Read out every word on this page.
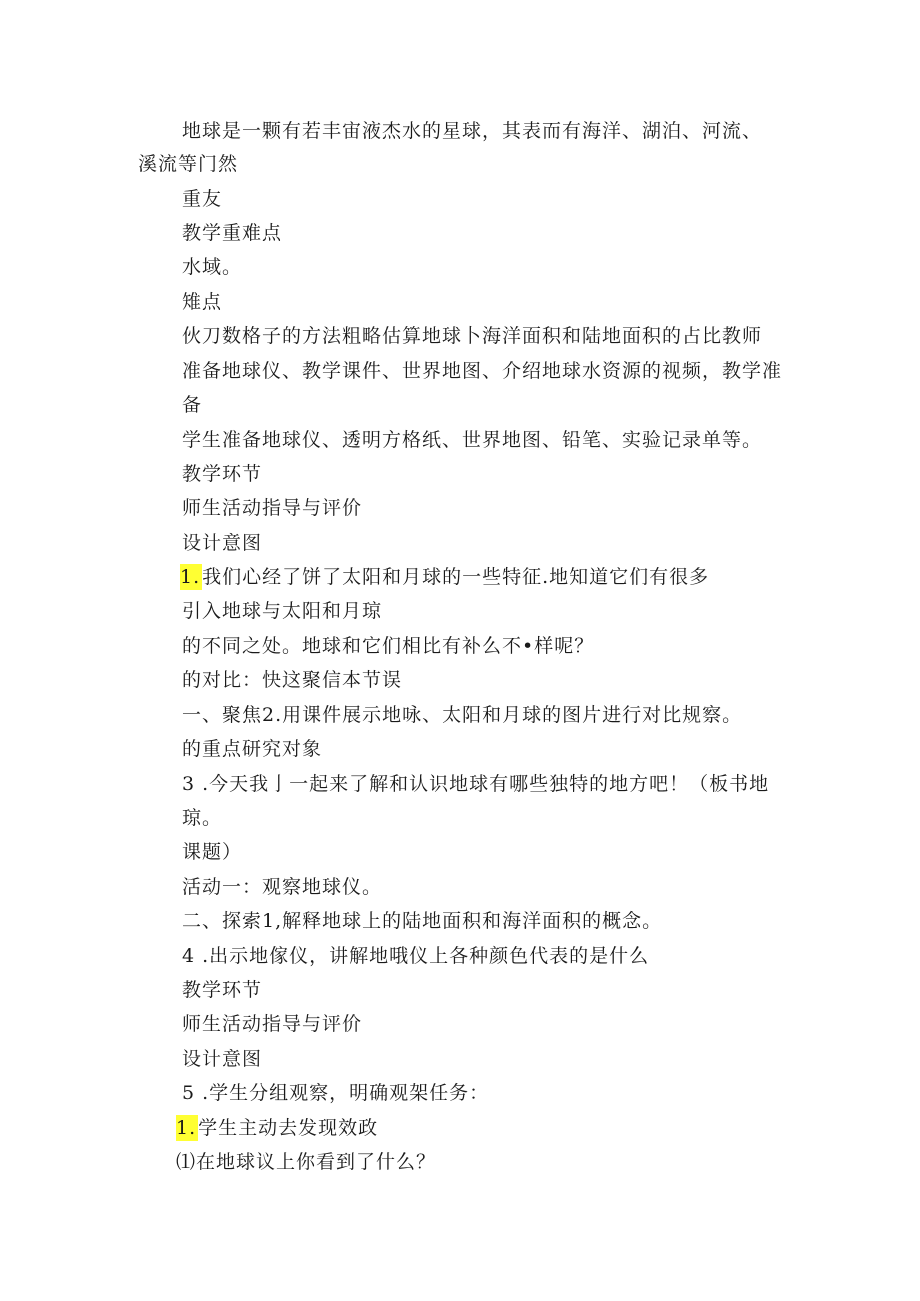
地球是一颗有若丰宙液杰水的星球，其表而有海洋、湖泊、河流、
溪流等门然
重友
教学重难点
水域。
雉点
伙刀数格子的方法粗略估算地球卜海洋面积和陆地面积的占比教师
准备地球仪、教学课件、世界地图、介绍地球水资源的视频，教学准
备
学生准备地球仪、透明方格纸、世界地图、铅笔、实验记录单等。
教学环节
师生活动指导与评价
设计意图
1. 我们心经了饼了太阳和月球的一些特征.地知道它们有很多
引入地球与太阳和月琼
的不同之处。地球和它们相比有补么不•样呢？
的对比：快这聚信本节误
一、聚焦2.用课件展示地咏、太阳和月球的图片进行对比规察。
的重点研究对象
3 .今天我亅一起来了解和认识地球有哪些独特的地方吧！（板书地
琼。
课题）
活动一：观察地球仪。
二、探索1,解释地球上的陆地面积和海洋面积的概念。
4 .出示地傢仪，讲解地哦仪上各种颜色代表的是什么
教学环节
师生活动指导与评价
设计意图
5 .学生分组观察，明确观架任务：
1. 学生主动去发现效政
⑴在地球议上你看到了什么？
